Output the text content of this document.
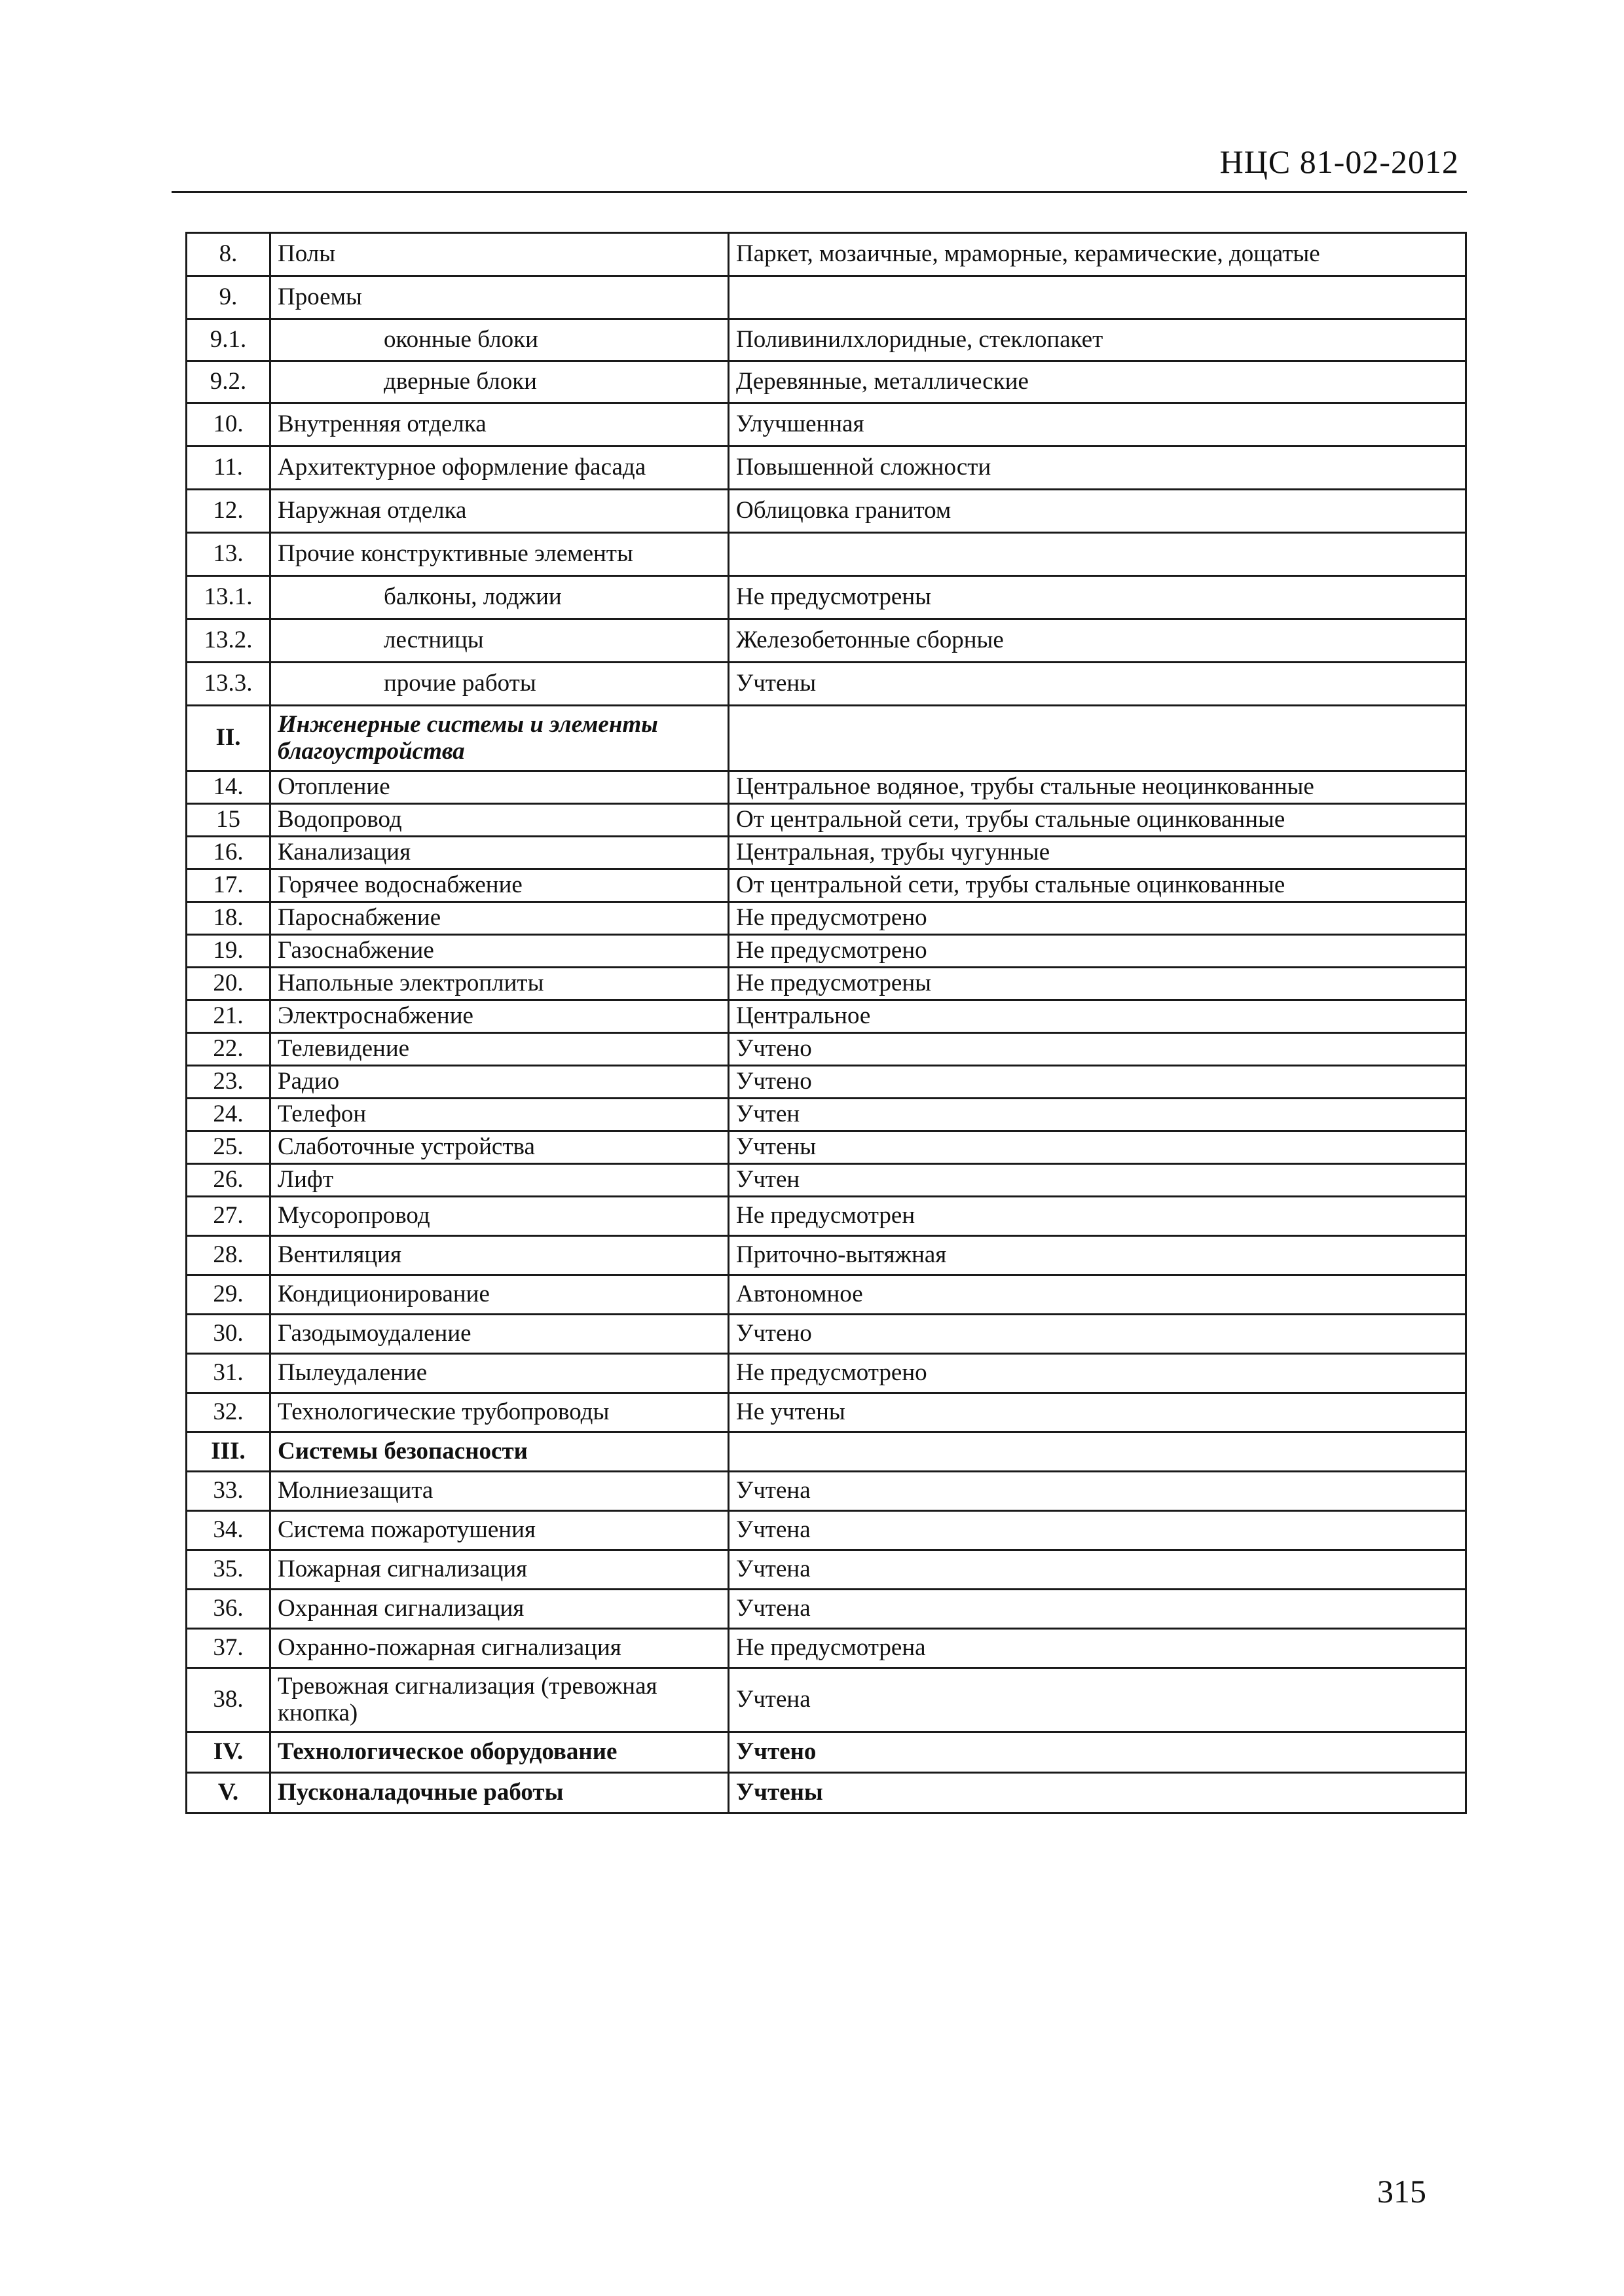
НЦС 81-02-2012
8.	Полы	Паркет, мозаичные, мраморные, керамические, дощатые
9.	Проемы	
9.1.	оконные блоки	Поливинилхлоридные, стеклопакет
9.2.	дверные блоки	Деревянные, металлические
10.	Внутренняя отделка	Улучшенная
11.	Архитектурное оформление фасада	Повышенной сложности
12.	Наружная отделка	Облицовка гранитом
13.	Прочие конструктивные элементы	
13.1.	балконы, лоджии	Не предусмотрены
13.2.	лестницы	Железобетонные сборные
13.3.	прочие работы	Учтены
II.	Инженерные системы и элементы благоустройства	
14.	Отопление	Центральное водяное, трубы стальные неоцинкованные
15	Водопровод	От центральной сети, трубы стальные оцинкованные
16.	Канализация	Центральная, трубы чугунные
17.	Горячее водоснабжение	От центральной сети, трубы стальные оцинкованные
18.	Пароснабжение	Не предусмотрено
19.	Газоснабжение	Не предусмотрено
20.	Напольные электроплиты	Не предусмотрены
21.	Электроснабжение	Центральное
22.	Телевидение	Учтено
23.	Радио	Учтено
24.	Телефон	Учтен
25.	Слаботочные устройства	Учтены
26.	Лифт	Учтен
27.	Мусоропровод	Не предусмотрен
28.	Вентиляция	Приточно-вытяжная
29.	Кондиционирование	Автономное
30.	Газодымоудаление	Учтено
31.	Пылеудаление	Не предусмотрено
32.	Технологические трубопроводы	Не учтены
III.	Системы безопасности	
33.	Молниезащита	Учтена
34.	Система пожаротушения	Учтена
35.	Пожарная сигнализация	Учтена
36.	Охранная сигнализация	Учтена
37.	Охранно-пожарная сигнализация	Не предусмотрена
38.	Тревожная сигнализация (тревожная кнопка)	Учтена
IV.	Технологическое оборудование	Учтено
V.	Пусконаладочные работы	Учтены
315
